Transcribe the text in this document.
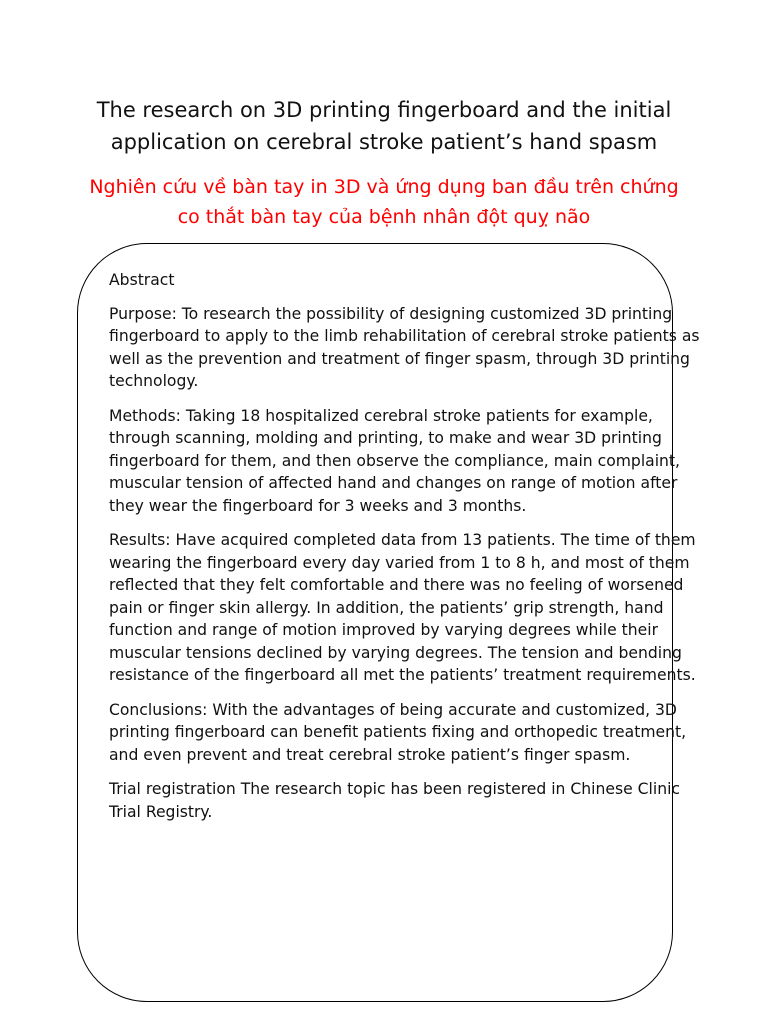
The research on 3D printing fingerboard and the initial
application on cerebral stroke patient’s hand spasm
Nghiên cứu về bàn tay in 3D và ứng dụng ban đầu trên chứng
co thắt bàn tay của bệnh nhân đột quỵ não
Abstract
Purpose: To research the possibility of designing customized 3D printing
fingerboard to apply to the limb rehabilitation of cerebral stroke patients as
well as the prevention and treatment of finger spasm, through 3D printing
technology.
Methods: Taking 18 hospitalized cerebral stroke patients for example,
through scanning, molding and printing, to make and wear 3D printing
fingerboard for them, and then observe the compliance, main complaint,
muscular tension of affected hand and changes on range of motion after
they wear the fingerboard for 3 weeks and 3 months.
Results: Have acquired completed data from 13 patients. The time of them
wearing the fingerboard every day varied from 1 to 8 h, and most of them
reflected that they felt comfortable and there was no feeling of worsened
pain or finger skin allergy. In addition, the patients’ grip strength, hand
function and range of motion improved by varying degrees while their
muscular tensions declined by varying degrees. The tension and bending
resistance of the fingerboard all met the patients’ treatment requirements.
Conclusions: With the advantages of being accurate and customized, 3D
printing fingerboard can benefit patients fixing and orthopedic treatment,
and even prevent and treat cerebral stroke patient’s finger spasm.
Trial registration The research topic has been registered in Chinese Clinic
Trial Registry.
